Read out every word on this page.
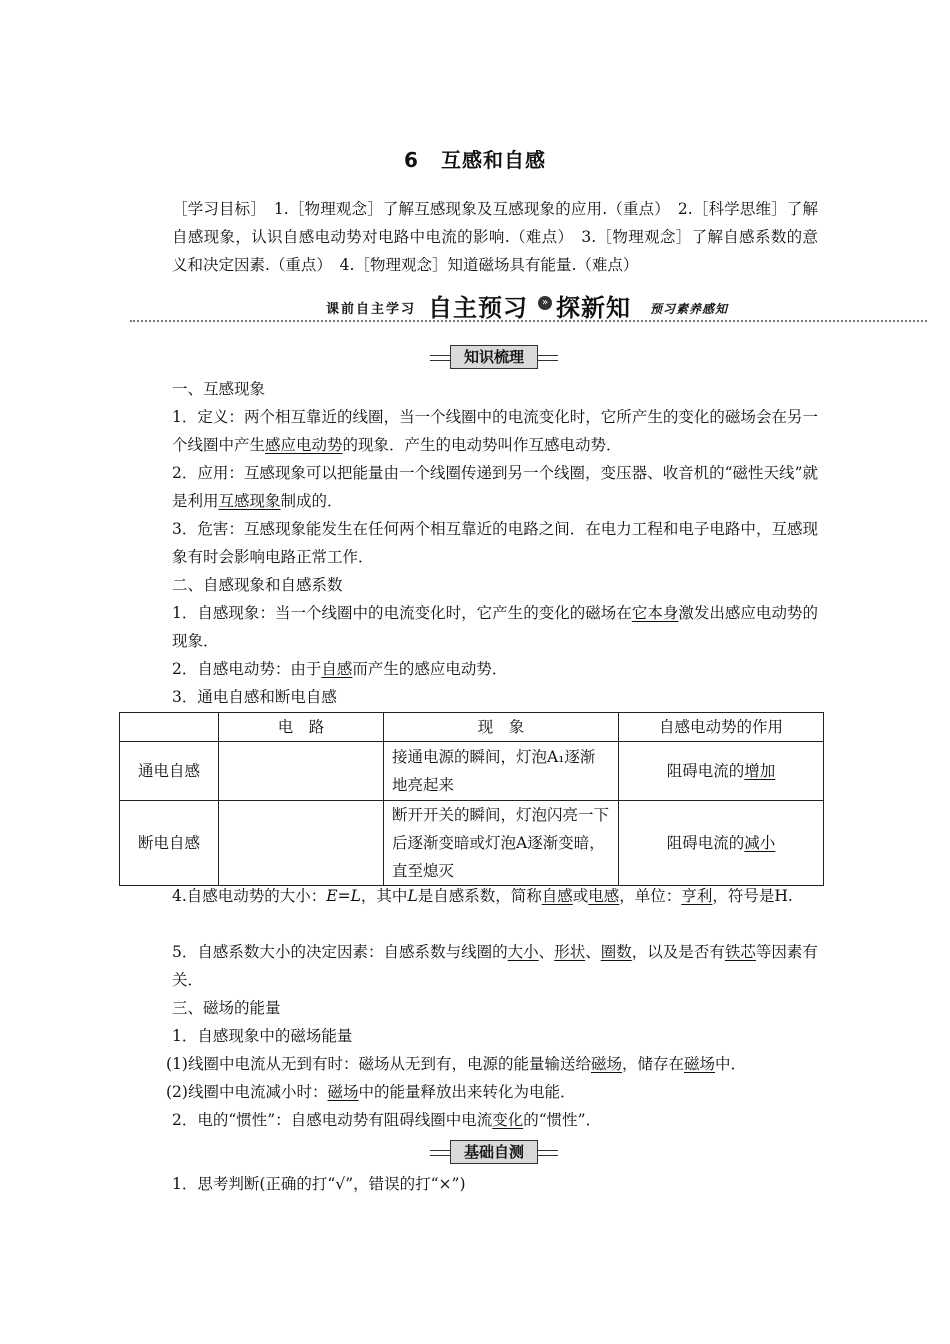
6 互感和自感
［学习目标］　1.［物理观念］了解互感现象及互感现象的应用.（重点）　2.［科学思维］了解自感现象，认识自感电动势对电路中电流的影响.（难点）　3.［物理观念］了解自感系数的意义和决定因素.（重点）　4.［物理观念］知道磁场具有能量.（难点）
课前自主学习 自主预习	» 探新知 预习素养感知
知识梳理
一、互感现象
1．定义：两个相互靠近的线圈，当一个线圈中的电流变化时，它所产生的变化的磁场会在另一个线圈中产生感应电动势的现象．产生的电动势叫作互感电动势．
2．应用：互感现象可以把能量由一个线圈传递到另一个线圈，变压器、收音机的“磁性天线”就是利用互感现象制成的．
3．危害：互感现象能发生在任何两个相互靠近的电路之间．在电力工程和电子电路中，互感现象有时会影响电路正常工作．
二、自感现象和自感系数
1．自感现象：当一个线圈中的电流变化时，它产生的变化的磁场在它本身激发出感应电动势的现象．
2．自感电动势：由于自感而产生的感应电动势．
3．通电自感和断电自感
	电　路	现　象	自感电动势的作用
通电自感		接通电源的瞬间，灯泡A₁逐渐地亮起来	阻碍电流的增加
断电自感		断开开关的瞬间，灯泡闪亮一下后逐渐变暗或灯泡A逐渐变暗，直至熄灭	阻碍电流的减小
4.自感电动势的大小：E=L，其中L是自感系数，简称自感或电感，单位：亨利，符号是H.
5．自感系数大小的决定因素：自感系数与线圈的大小、形状、圈数，以及是否有铁芯等因素有关．
三、磁场的能量
1．自感现象中的磁场能量
(1)线圈中电流从无到有时：磁场从无到有，电源的能量输送给磁场，储存在磁场中．
(2)线圈中电流减小时：磁场中的能量释放出来转化为电能．
2．电的“惯性”：自感电动势有阻碍线圈中电流变化的“惯性”．
基础自测
1．思考判断(正确的打“√”，错误的打“×”)
